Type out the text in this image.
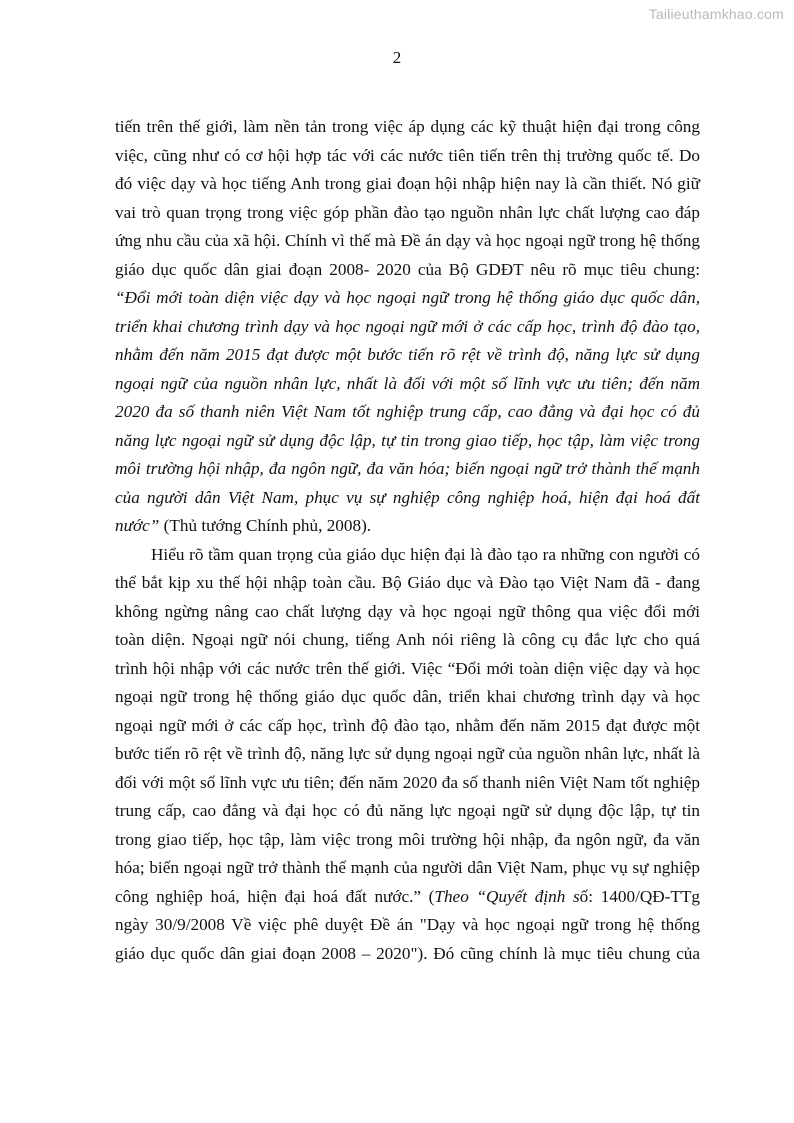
Tailieuthamkhao.com
2

tiến trên thế giới, làm nền tản trong việc áp dụng các kỹ thuật hiện đại trong công
việc, cũng như có cơ hội hợp tác với các nước tiên tiến trên thị trường quốc tế. Do
đó việc dạy và học tiếng Anh trong giai đoạn hội nhập hiện nay là cần thiết. Nó giữ
vai trò quan trọng trong việc góp phần đào tạo nguồn nhân lực chất lượng cao đáp
ứng nhu cầu của xã hội. Chính vì thế mà Đề án dạy và học ngoại ngữ trong hệ thống
giáo dục quốc dân giai đoạn 2008- 2020 của Bộ GDĐT nêu rõ mục tiêu chung:
“Đổi mới toàn diện việc dạy và học ngoại ngữ trong hệ thống giáo dục quốc dân,
triển khai chương trình dạy và học ngoại ngữ mới ở các cấp học, trình độ đào tạo,
nhằm đến năm 2015 đạt được một bước tiến rõ rệt về trình độ, năng lực sử dụng
ngoại ngữ của nguồn nhân lực, nhất là đối với một số lĩnh vực ưu tiên; đến năm
2020 đa số thanh niên Việt Nam tốt nghiệp trung cấp, cao đẳng và đại học có đủ
năng lực ngoại ngữ sử dụng độc lập, tự tin trong giao tiếp, học tập, làm việc trong
môi trường hội nhập, đa ngôn ngữ, đa văn hóa; biến ngoại ngữ trở thành thế mạnh
của người dân Việt Nam, phục vụ sự nghiệp công nghiệp hoá, hiện đại hoá đất
nước” (Thủ tướng Chính phủ, 2008).

Hiểu rõ tầm quan trọng của giáo dục hiện đại là đào tạo ra những con người có
thể bắt kịp xu thế hội nhập toàn cầu. Bộ Giáo dục và Đào tạo Việt Nam đã - đang
không ngừng nâng cao chất lượng dạy và học ngoại ngữ thông qua việc đổi mới
toàn diện. Ngoại ngữ nói chung, tiếng Anh nói riêng là công cụ đắc lực cho quá
trình hội nhập với các nước trên thế giới. Việc “Đổi mới toàn diện việc dạy và học
ngoại ngữ trong hệ thống giáo dục quốc dân, triển khai chương trình dạy và học
ngoại ngữ mới ở các cấp học, trình độ đào tạo, nhằm đến năm 2015 đạt được một
bước tiến rõ rệt về trình độ, năng lực sử dụng ngoại ngữ của nguồn nhân lực, nhất là
đối với một số lĩnh vực ưu tiên; đến năm 2020 đa số thanh niên Việt Nam tốt nghiệp
trung cấp, cao đẳng và đại học có đủ năng lực ngoại ngữ sử dụng độc lập, tự tin
trong giao tiếp, học tập, làm việc trong môi trường hội nhập, đa ngôn ngữ, đa văn
hóa; biến ngoại ngữ trở thành thế mạnh của người dân Việt Nam, phục vụ sự nghiệp
công nghiệp hoá, hiện đại hoá đất nước.” (Theo “Quyết định số: 1400/QĐ-TTg
ngày 30/9/2008 Về việc phê duyệt Đề án "Dạy và học ngoại ngữ trong hệ thống
giáo dục quốc dân giai đoạn 2008 – 2020"). Đó cũng chính là mục tiêu chung của
